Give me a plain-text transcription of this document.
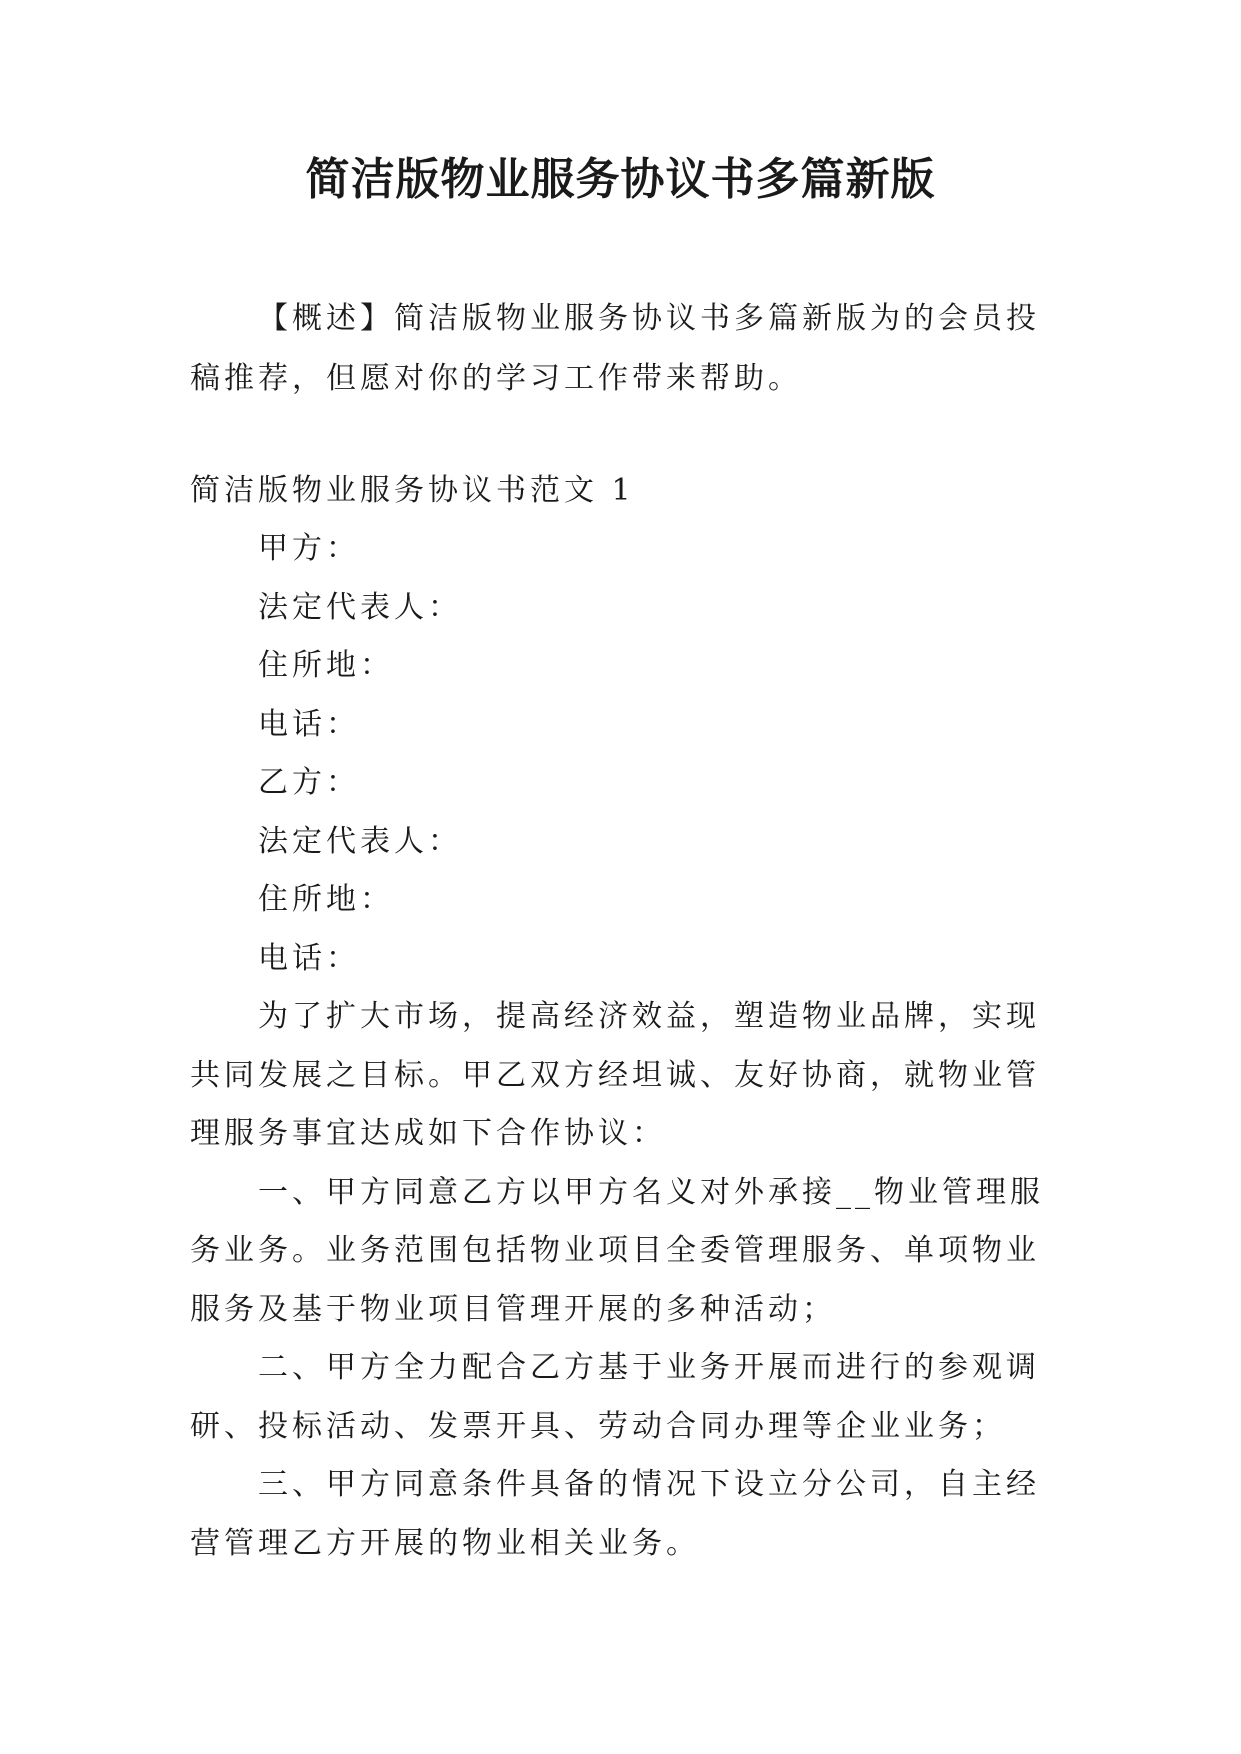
简洁版物业服务协议书多篇新版

【概述】简洁版物业服务协议书多篇新版为的会员投稿推荐，但愿对你的学习工作带来帮助。

简洁版物业服务协议书范文 1

甲方：

法定代表人：

住所地：

电话：

乙方：

法定代表人：

住所地：

电话：

为了扩大市场，提高经济效益，塑造物业品牌，实现共同发展之目标。甲乙双方经坦诚、友好协商，就物业管理服务事宜达成如下合作协议：

一、甲方同意乙方以甲方名义对外承接__物业管理服务业务。业务范围包括物业项目全委管理服务、单项物业服务及基于物业项目管理开展的多种活动；

二、甲方全力配合乙方基于业务开展而进行的参观调研、投标活动、发票开具、劳动合同办理等企业业务；

三、甲方同意条件具备的情况下设立分公司，自主经营管理乙方开展的物业相关业务。
